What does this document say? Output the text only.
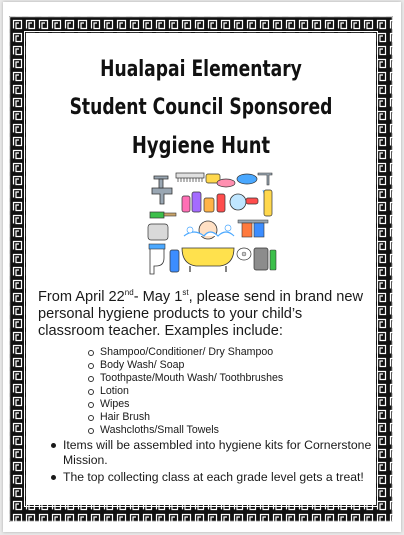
Hualapai Elementary
Student Council Sponsored
Hygiene Hunt
From April 22nd- May 1st, please send in brand new personal hygiene products to your child’s classroom teacher. Examples include:
Shampoo/Conditioner/ Dry Shampoo
Body Wash/ Soap
Toothpaste/Mouth Wash/ Toothbrushes
Lotion
Wipes
Hair Brush
Washcloths/Small Towels
Items will be assembled into hygiene kits for Cornerstone Mission.
The top collecting class at each grade level gets a treat!
